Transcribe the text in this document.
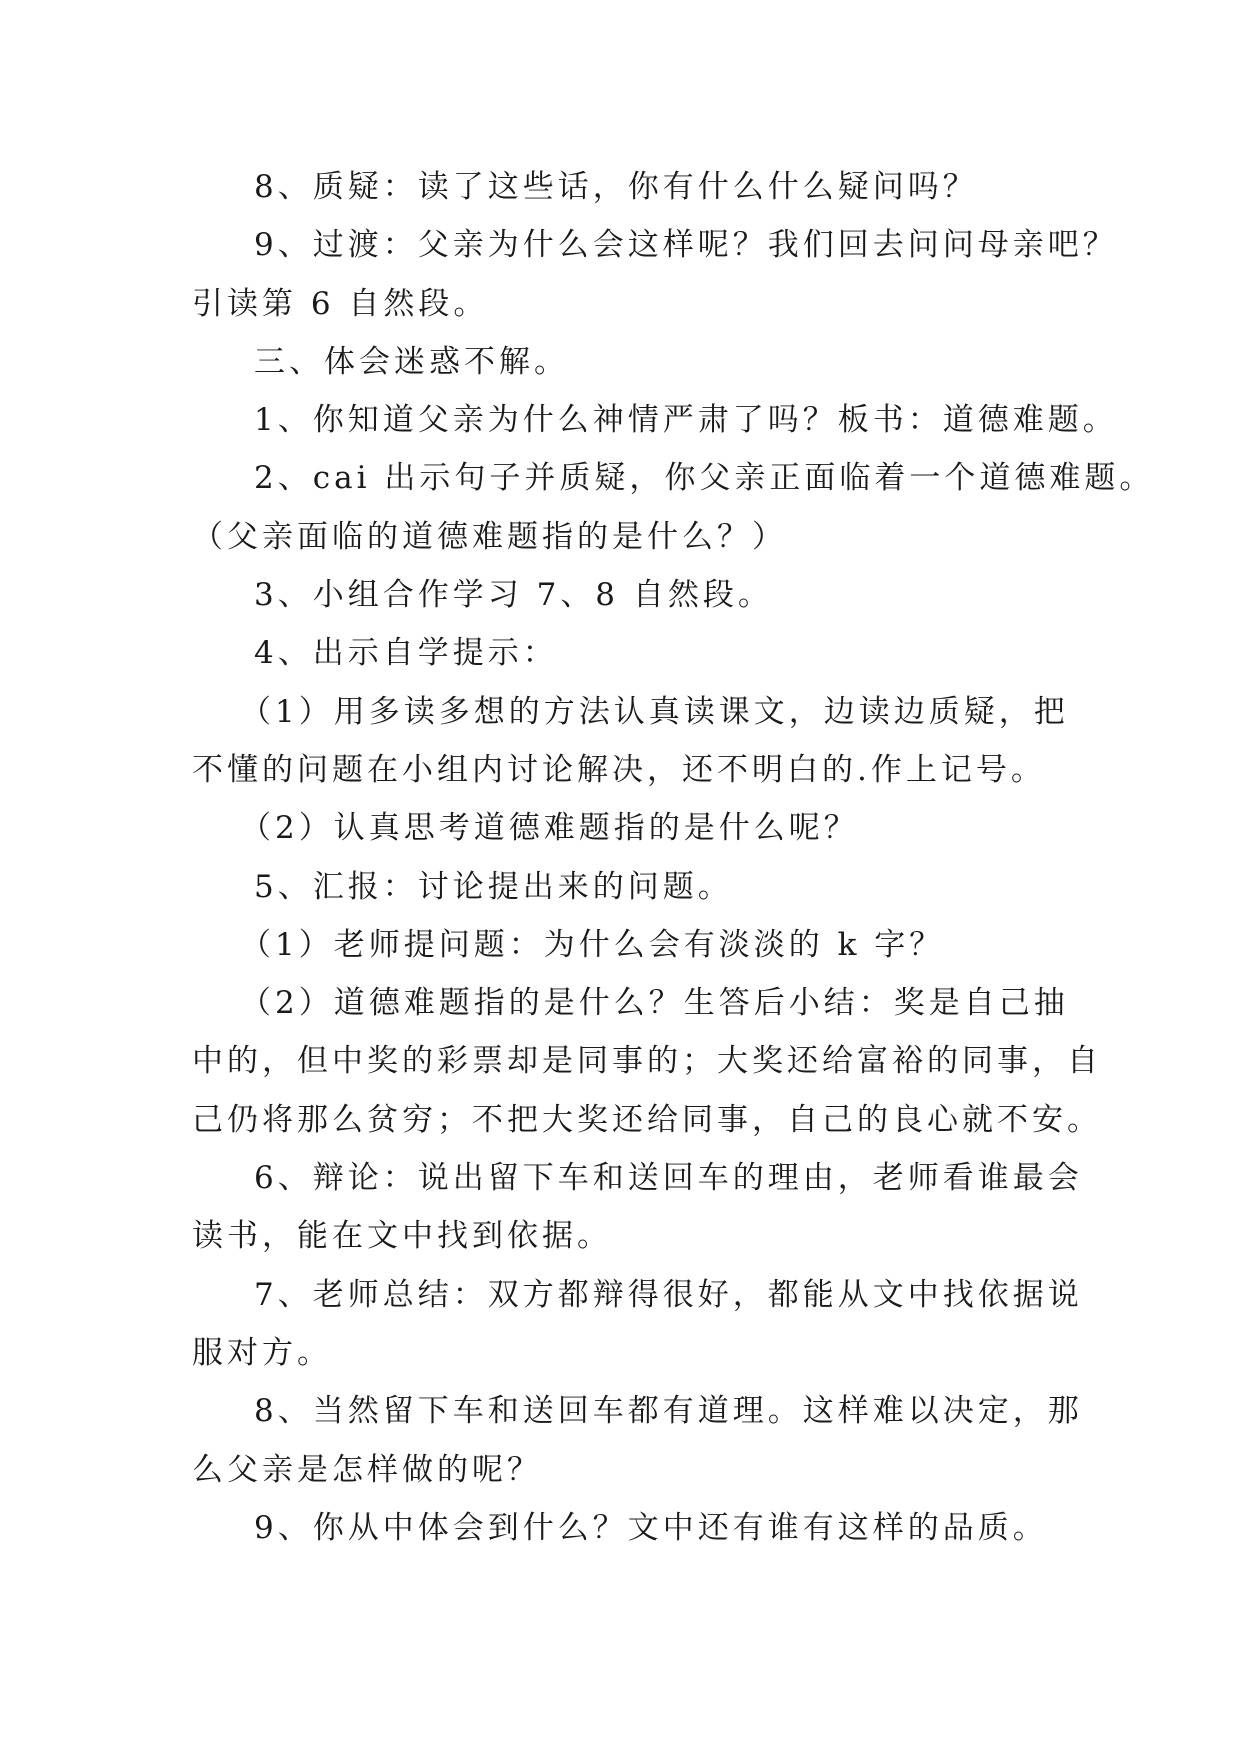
8、质疑：读了这些话，你有什么什么疑问吗？

9、过渡：父亲为什么会这样呢？我们回去问问母亲吧？

引读第 6 自然段。

三、体会迷惑不解。

1、你知道父亲为什么神情严肃了吗？板书：道德难题。

2、cai 出示句子并质疑，你父亲正面临着一个道德难题。

（父亲面临的道德难题指的是什么？）

3、小组合作学习 7、8 自然段。

4、出示自学提示：

（1）用多读多想的方法认真读课文，边读边质疑，把

不懂的问题在小组内讨论解决，还不明白的.作上记号。

（2）认真思考道德难题指的是什么呢？

5、汇报：讨论提出来的问题。

（1）老师提问题：为什么会有淡淡的 k 字？

（2）道德难题指的是什么？生答后小结：奖是自己抽

中的，但中奖的彩票却是同事的；大奖还给富裕的同事，自

己仍将那么贫穷；不把大奖还给同事，自己的良心就不安。

6、辩论：说出留下车和送回车的理由，老师看谁最会

读书，能在文中找到依据。

7、老师总结：双方都辩得很好，都能从文中找依据说

服对方。

8、当然留下车和送回车都有道理。这样难以决定，那

么父亲是怎样做的呢？

9、你从中体会到什么？文中还有谁有这样的品质。
